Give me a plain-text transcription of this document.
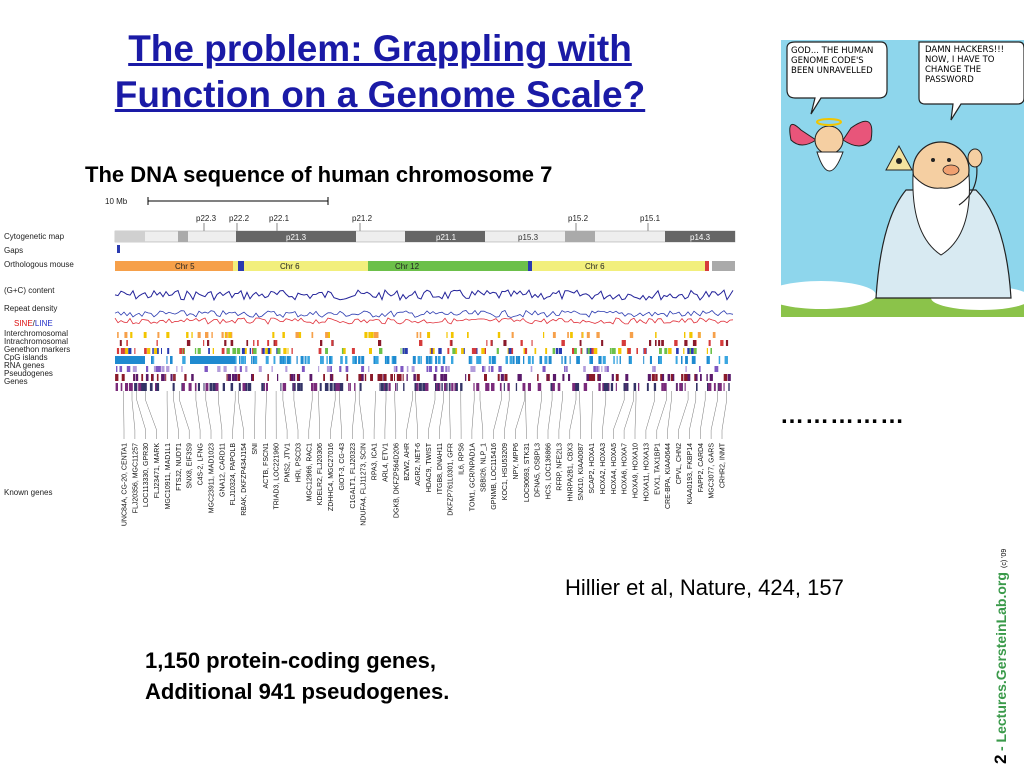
The problem: Grappling with
Function on a Genome Scale?
The DNA sequence of human chromosome 7
10 Mb
Cytogenetic map
Gaps
Orthologous mouse
(G+C) content
Repeat density
Interchromosomal
Intrachromosomal
Genethon markers
CpG islands
RNA genes
Pseudogenes
Genes
Known genes
SINE/LINE
p22.3 p22.2 p22.1	p21.2	p15.2	p15.1
p21.3	p21.1	p15.3	p14.3
Chr 5	Chr 6	Chr 12	Chr 6
UNC84A, CG-20, CENTA1 FLJ20356, MGC11257 LOC113330, GPR30 FLJ23471, MARK MGC10911, MAD1L1 FTSJ2, NUDT1 SNX8, EIF3S9 C4S-2, LFNG MGC23911, MAD1023 GNA12, CARD11 FLJ10324, PAPOLB RBAK, DKFZP434J154 SNI ACTB, FSCN1 TRIAD3, LOC221960 PMS2, JTV1 HRI, PSCD3 MGC12966, RAC1 KDELR2, FLJ20306 ZDHHC4, MGC27016 GIOT-3, CG-43 C1GALT1, FLJ20323 NDUFA4, FLJ11273, SCIN RPA3, ICA1 ARL4, ETV1 DGKB, DKFZP564D206 BZW2, AHR AGR2, NET-6 HDAC9, TWIST ITGB8, DNAH11 DKFZP761L0301, GFR IL6, RPS6 TOM1, GCR/NPAD1A SBBI26, NLP_1 GPNMB, LOC115416 KOC1, HSU53209 NPY, MPP6 LOC90693, STK31 DFNA5, OSBPL3 HCS, LOC136866 RFRP, NFE2L3 HNRPA2B1, CBX3 SNX10, KIAA0087 SCAP2, HOXA1 HOXA2, HOXA3 HOXA4, HOXA5 HOXA6, HOXA7 HOXA9, HOXA10 HOXA11, HOXA13 EVX1, TAX1BP1 CRE-BPA, KIAA0644 CPVL, CHN2 KIAA0193, FKBP14 FAPP2, CARD4 MGC3077, GARS CRHR2, INMT
……………
Hillier et al, Nature, 424, 157
1,150 protein-coding genes,
Additional 941 pseudogenes.
GOD... THE HUMAN GENOME CODE'S BEEN UNRAVELLED
DAMN HACKERS!!! NOW, I HAVE TO CHANGE THE PASSWORD
2
- Lectures.GersteinLab.org
(c) '09
